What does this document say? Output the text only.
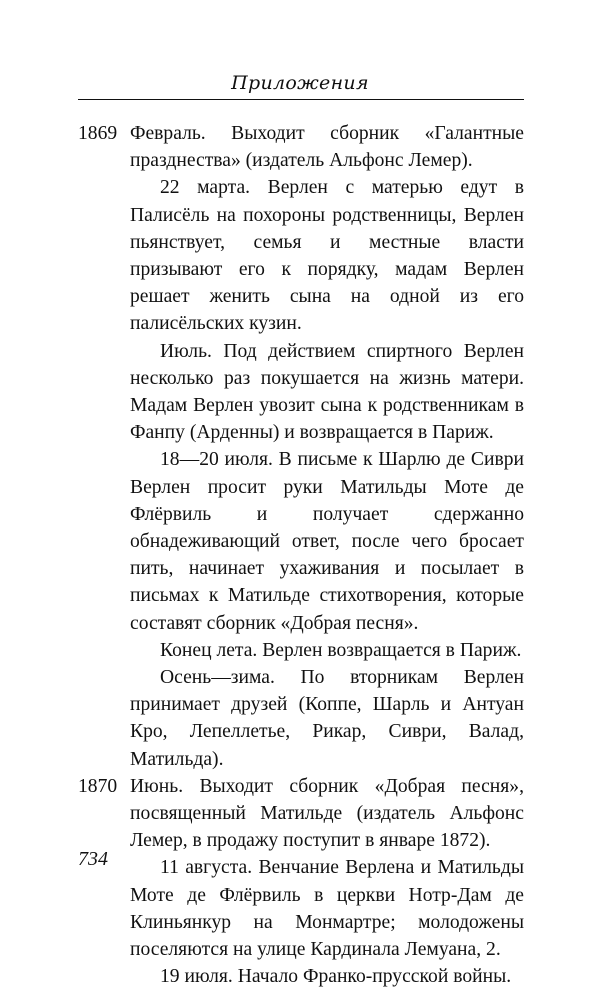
Приложения
1869 Февраль. Выходит сборник «Галантные празднества» (издатель Альфонс Лемер).

22 марта. Верлен с матерью едут в Палисёль на похороны родственницы, Верлен пьянствует, семья и местные власти призывают его к порядку, мадам Верлен решает женить сына на одной из его палисёльских кузин.

Июль. Под действием спиртного Верлен несколько раз покушается на жизнь матери. Мадам Верлен увозит сына к родственникам в Фанпу (Арденны) и возвращается в Париж.

18—20 июля. В письме к Шарлю де Сиври Верлен просит руки Матильды Моте де Флёрвиль и получает сдержанно обнадеживающий ответ, после чего бросает пить, начинает ухаживания и посылает в письмах к Матильде стихотворения, которые составят сборник «Добрая песня».

Конец лета. Верлен возвращается в Париж.

Осень—зима. По вторникам Верлен принимает друзей (Коппе, Шарль и Антуан Кро, Лепеллетье, Рикар, Сиври, Валад, Матильда).

1870 Июнь. Выходит сборник «Добрая песня», посвященный Матильде (издатель Альфонс Лемер, в продажу поступит в январе 1872).

11 августа. Венчание Верлена и Матильды Моте де Флёрвиль в церкви Нотр-Дам де Клиньянкур на Монмартре; молодожены поселяются на улице Кардинала Лемуана, 2.

19 июля. Начало Франко-прусской войны.

734
